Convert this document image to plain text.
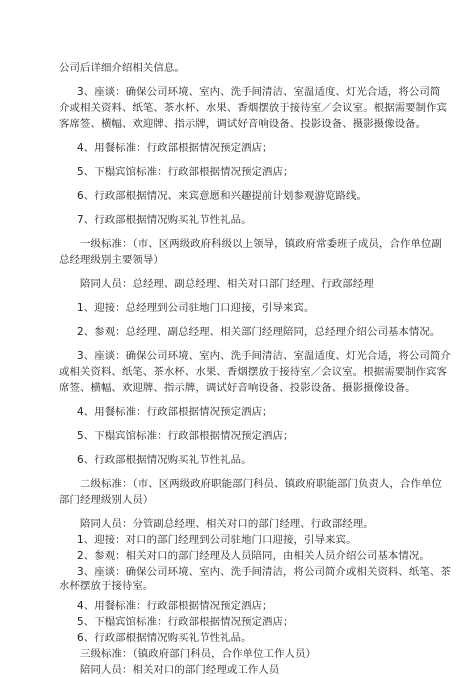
公司后详细介绍相关信息。
3、座谈：确保公司环境、室内、洗手间清洁、室温适度、灯光合适，将公司简
介或相关资料、纸笔、茶水杯、水果、香烟摆放于接待室／会议室。根据需要制作宾
客席签、横幅、欢迎牌、指示牌，调试好音响设备、投影设备、摄影摄像设备。
4、用餐标准：行政部根据情况预定酒店；
5、下榻宾馆标准：行政部根据情况预定酒店；
6、行政部根据情况、来宾意愿和兴趣提前计划参观游览路线。
7、行政部根据情况购买礼节性礼品。
一级标准：（市、区两级政府科级以上领导，镇政府常委班子成员，合作单位副
总经理级别主要领导）
陪同人员：总经理、副总经理、相关对口部门经理、行政部经理
1、迎接：总经理到公司驻地门口迎接，引导来宾。
2、参观：总经理、副总经理、相关部门经理陪同，总经理介绍公司基本情况。
3、座谈：确保公司环境、室内、洗手间清洁、室温适度、灯光合适，将公司简介
或相关资料、纸笔、茶水杯、水果、香烟摆放于接待室／会议室。根据需要制作宾客
席签、横幅、欢迎牌、指示牌，调试好音响设备、投影设备、摄影摄像设备。
4、用餐标准：行政部根据情况预定酒店；
5、下榻宾馆标准：行政部根据情况预定酒店；
6、行政部根据情况购买礼节性礼品。
二级标准：（市、区两级政府职能部门科员、镇政府职能部门负责人，合作单位
部门经理级别人员）
陪同人员：分管副总经理、相关对口的部门经理、行政部经理。
1、迎接：对口的部门经理到公司驻地门口迎接，引导来宾。
2、参观：相关对口的部门经理及人员陪同，由相关人员介绍公司基本情况。
3、座谈：确保公司环境、室内、洗手间清洁，将公司简介或相关资料、纸笔、茶
水杯摆放于接待室。
4、用餐标准：行政部根据情况预定酒店；
5、下榻宾馆标准：行政部根据情况预定酒店；
6、行政部根据情况购买礼节性礼品。
三级标准：（镇政府部门科员，合作单位工作人员）
陪同人员：相关对口的部门经理或工作人员
